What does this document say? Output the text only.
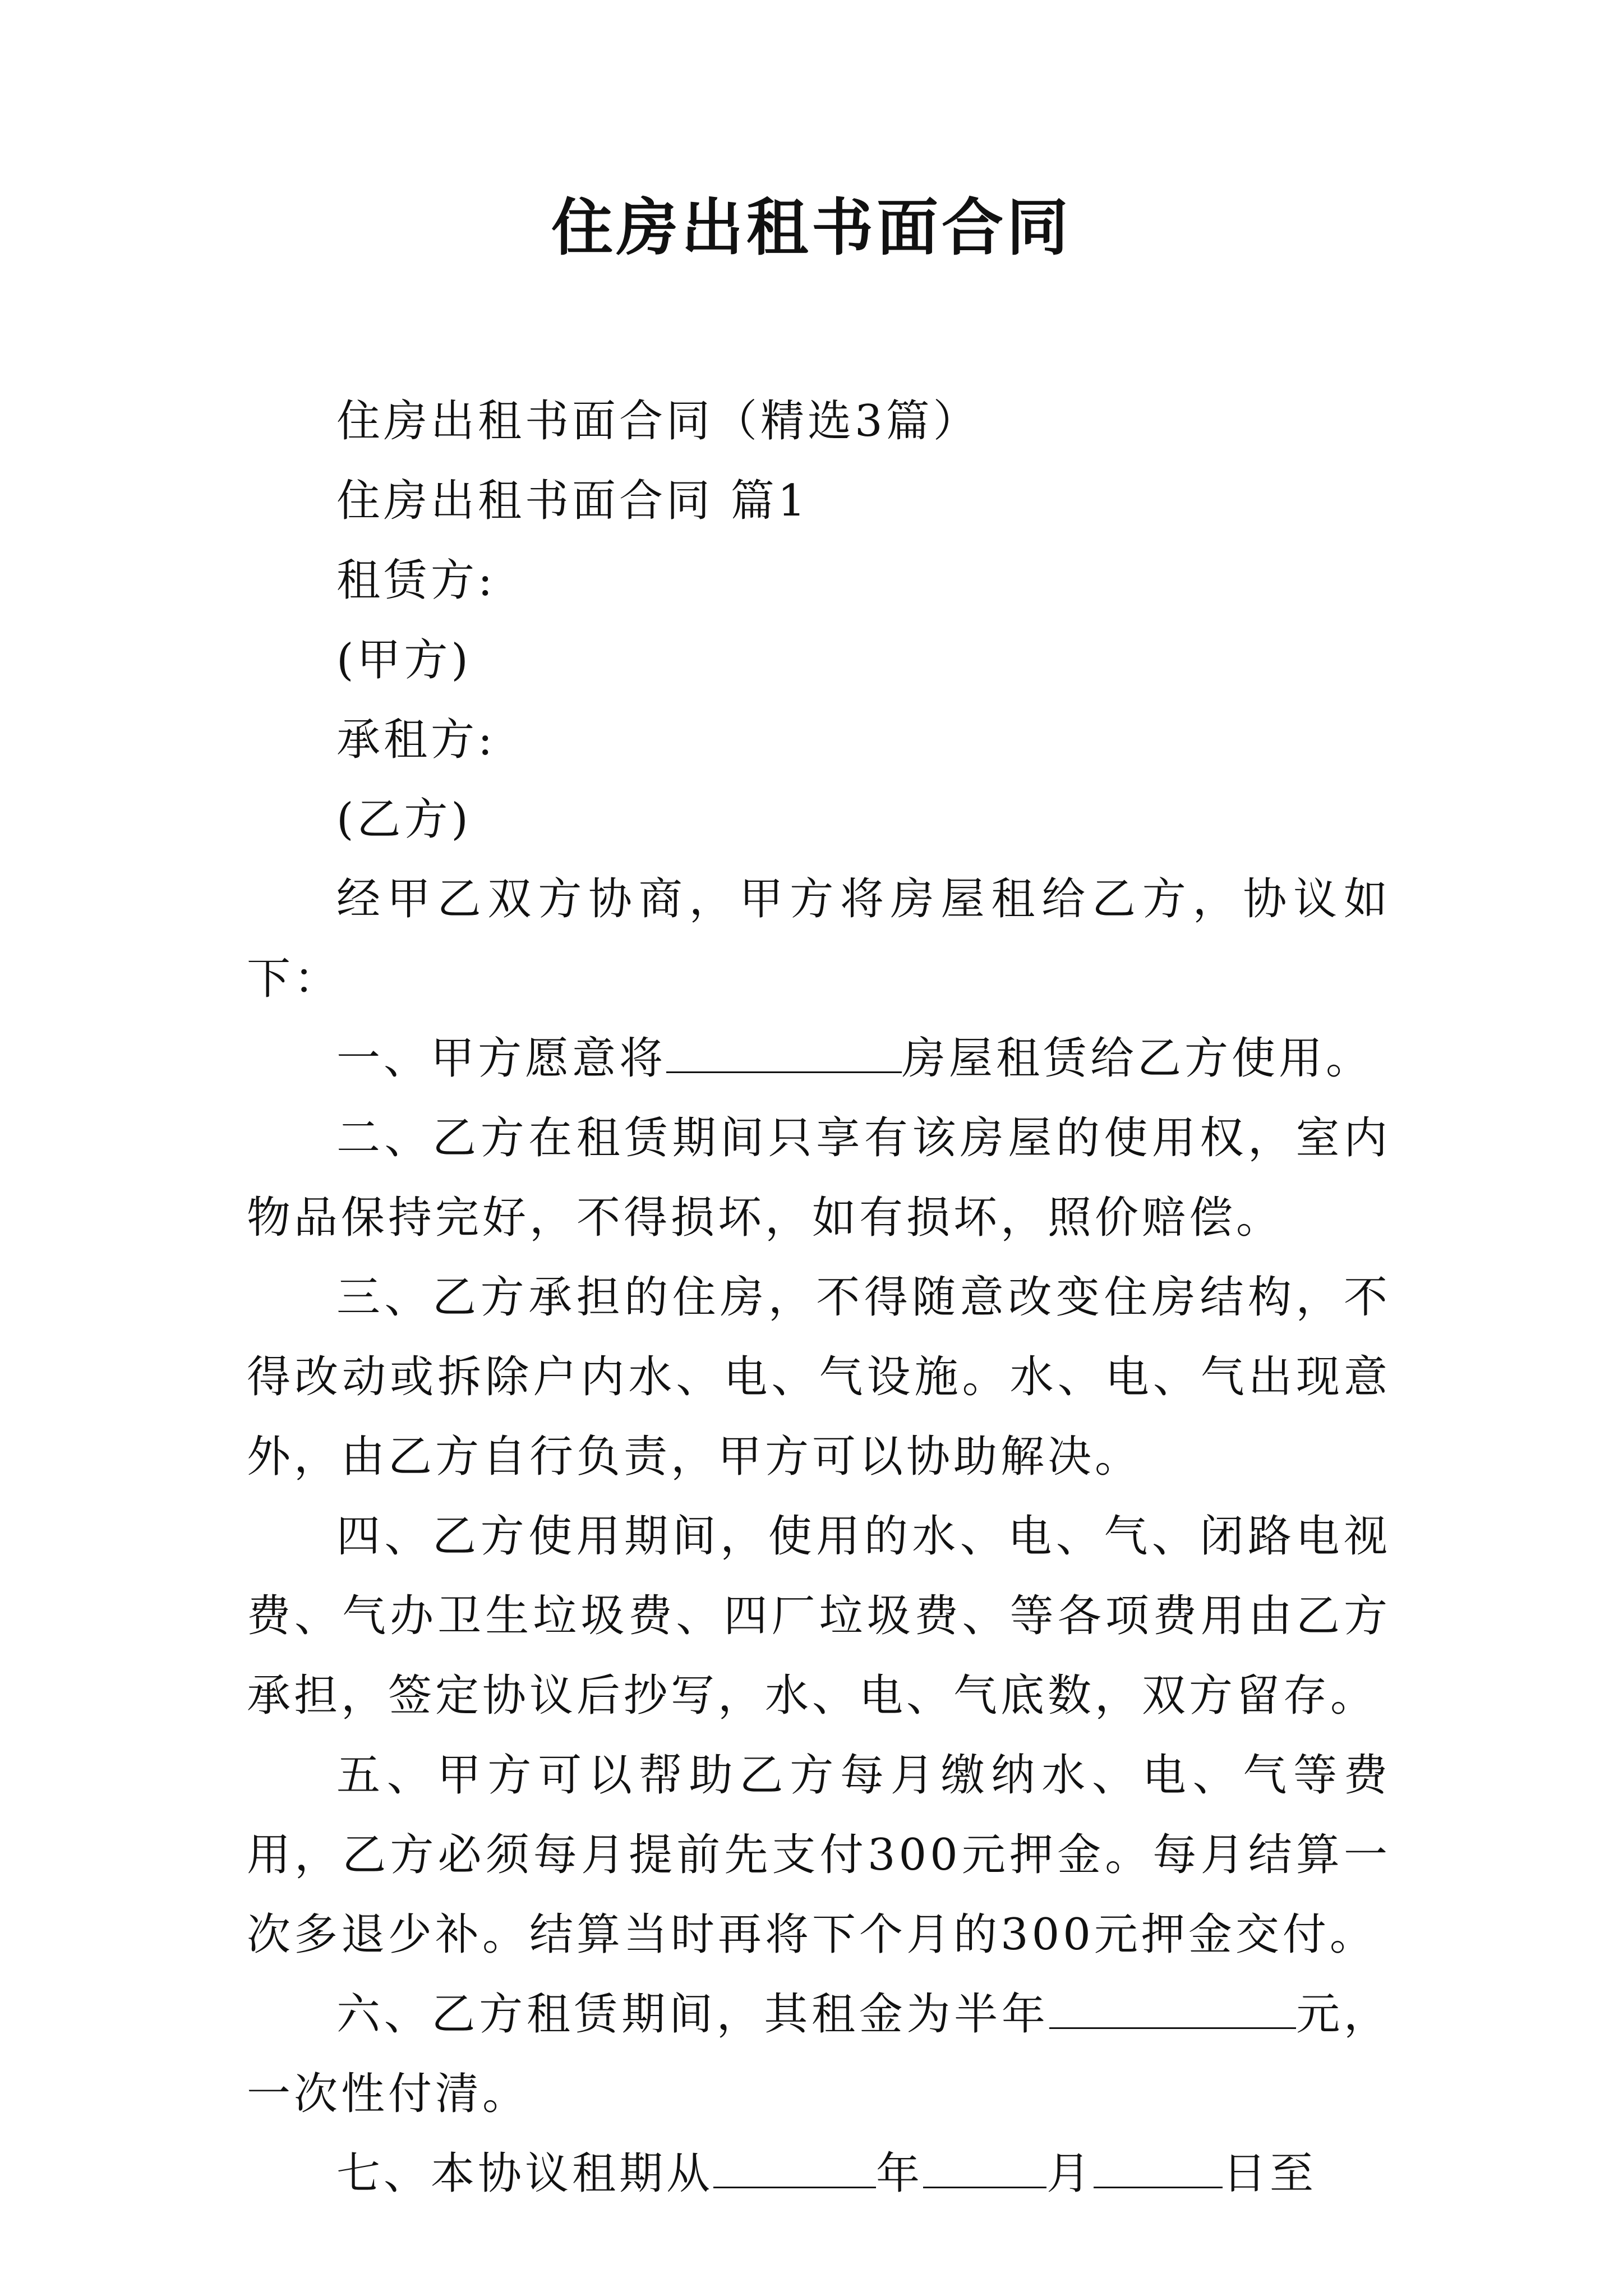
住房出租书面合同

住房出租书面合同（精选3篇）

住房出租书面合同 篇1

租赁方:

(甲方)

承租方:

(乙方)

经甲乙双方协商，甲方将房屋租给乙方，协议如下：

一、甲方愿意将	房屋租赁给乙方使用。

二、乙方在租赁期间只享有该房屋的使用权，室内物品保持完好，不得损坏，如有损坏，照价赔偿。

三、乙方承担的住房，不得随意改变住房结构，不得改动或拆除户内水、电、气设施。水、电、气出现意外，由乙方自行负责，甲方可以协助解决。

四、乙方使用期间，使用的水、电、气、闭路电视费、气办卫生垃圾费、四厂垃圾费、等各项费用由乙方承担，签定协议后抄写，水、电、气底数，双方留存。

五、甲方可以帮助乙方每月缴纳水、电、气等费用，乙方必须每月提前先支付300元押金。每月结算一次多退少补。结算当时再将下个月的300元押金交付。

六、乙方租赁期间，其租金为半年	元，一次性付清。

七、本协议租期从	年	月	日至
